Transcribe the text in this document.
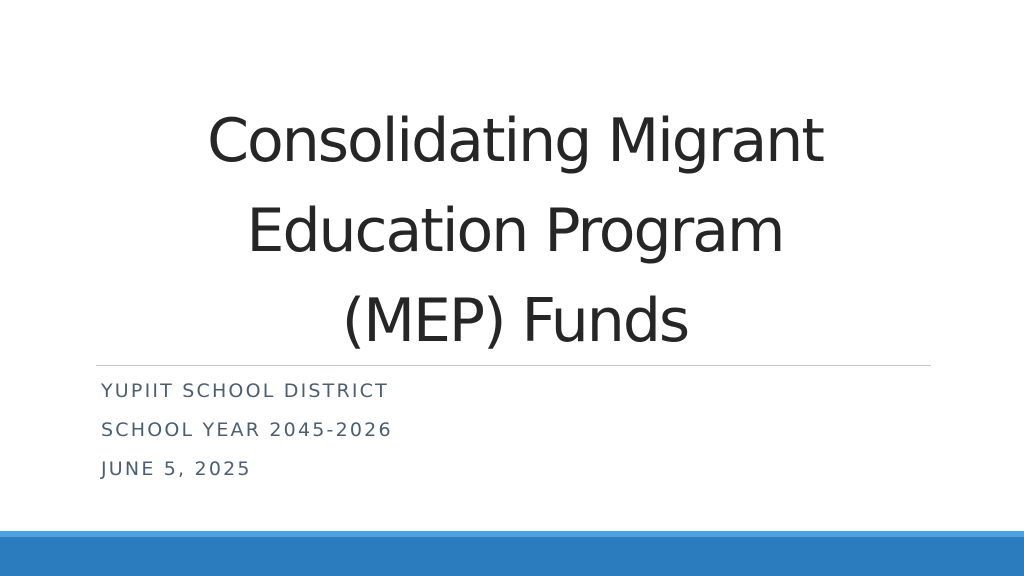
Consolidating Migrant
Education Program
(MEP) Funds
YUPIIT SCHOOL DISTRICT
SCHOOL YEAR 2045-2026
JUNE 5, 2025
